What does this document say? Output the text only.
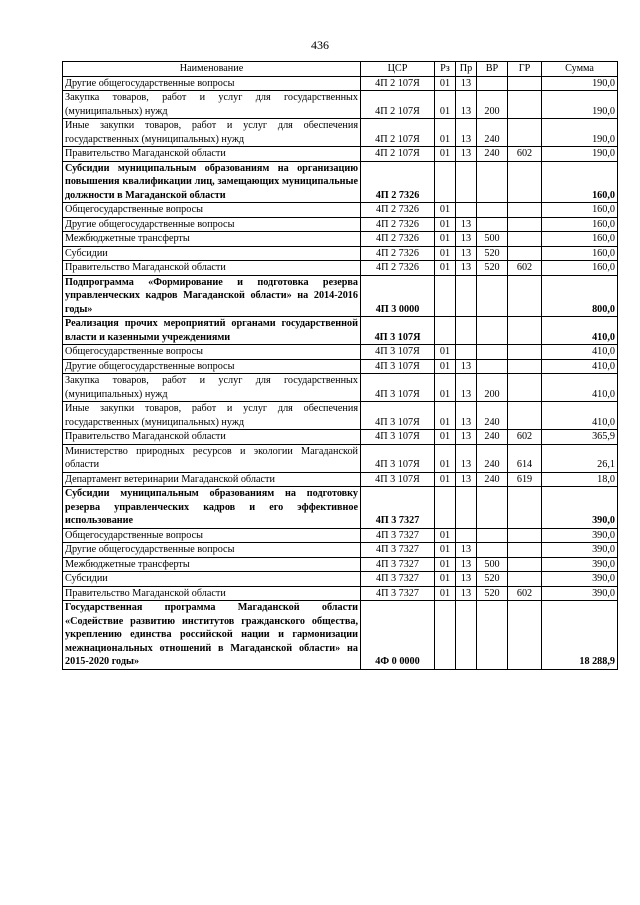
436
Наименование	ЦСР	Рз	Пр	ВР	ГР	Сумма
Другие общегосударственные вопросы	4П 2 107Я	01	13			190,0
Закупка товаров, работ и услуг для государственных (муниципальных) нужд	4П 2 107Я	01	13	200		190,0
Иные закупки товаров, работ и услуг для обеспечения государственных (муниципальных) нужд	4П 2 107Я	01	13	240		190,0
Правительство Магаданской области	4П 2 107Я	01	13	240	602	190,0
Субсидии муниципальным образованиям на организацию повышения квалификации лиц, замещающих муниципальные должности в Магаданской области	4П 2 7326					160,0
Общегосударственные вопросы	4П 2 7326	01				160,0
Другие общегосударственные вопросы	4П 2 7326	01	13			160,0
Межбюджетные трансферты	4П 2 7326	01	13	500		160,0
Субсидии	4П 2 7326	01	13	520		160,0
Правительство Магаданской области	4П 2 7326	01	13	520	602	160,0
Подпрограмма «Формирование и подготовка резерва управленческих кадров Магаданской области» на 2014-2016 годы»	4П 3 0000					800,0
Реализация прочих мероприятий органами государственной власти и казенными учреждениями	4П 3 107Я					410,0
Общегосударственные вопросы	4П 3 107Я	01				410,0
Другие общегосударственные вопросы	4П 3 107Я	01	13			410,0
Закупка товаров, работ и услуг для государственных (муниципальных) нужд	4П 3 107Я	01	13	200		410,0
Иные закупки товаров, работ и услуг для обеспечения государственных (муниципальных) нужд	4П 3 107Я	01	13	240		410,0
Правительство Магаданской области	4П 3 107Я	01	13	240	602	365,9
Министерство природных ресурсов и экологии Магаданской области	4П 3 107Я	01	13	240	614	26,1
Департамент ветеринарии Магаданской области	4П 3 107Я	01	13	240	619	18,0
Субсидии муниципальным образованиям на подготовку резерва управленческих кадров и его эффективное использование	4П 3 7327					390,0
Общегосударственные вопросы	4П 3 7327	01				390,0
Другие общегосударственные вопросы	4П 3 7327	01	13			390,0
Межбюджетные трансферты	4П 3 7327	01	13	500		390,0
Субсидии	4П 3 7327	01	13	520		390,0
Правительство Магаданской области	4П 3 7327	01	13	520	602	390,0
Государственная программа Магаданской области «Содействие развитию институтов гражданского общества, укреплению единства российской нации и гармонизации межнациональных отношений в Магаданской области» на 2015-2020 годы»	4Ф 0 0000					18 288,9
